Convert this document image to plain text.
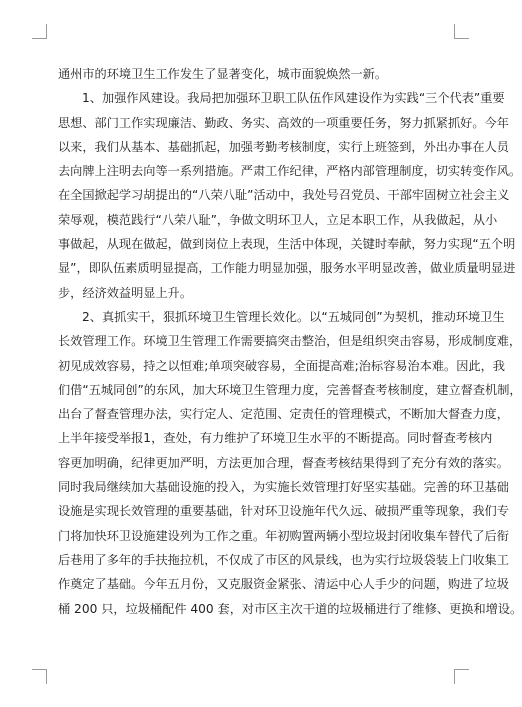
通州市的环境卫生工作发生了显著变化，城市面貌焕然一新。
1、加强作风建设。我局把加强环卫职工队伍作风建设作为实践“三个代表”重要
思想、部门工作实现廉洁、勤政、务实、高效的一项重要任务，努力抓紧抓好。今年
以来，我们从基本、基础抓起，加强考勤考核制度，实行上班签到，外出办事在人员
去向牌上注明去向等一系列措施。严肃工作纪律，严格内部管理制度，切实转变作风。
在全国掀起学习胡提出的“八荣八耻”活动中，我处号召党员、干部牢固树立社会主义
荣辱观，模范践行“八荣八耻”，争做文明环卫人，立足本职工作，从我做起，从小
事做起，从现在做起，做到岗位上表现，生活中体现，关键时奉献，努力实现“五个明
显”，即队伍素质明显提高，工作能力明显加强，服务水平明显改善，做业质量明显进
步，经济效益明显上升。
2、真抓实干，狠抓环境卫生管理长效化。以“五城同创”为契机，推动环境卫生
长效管理工作。环境卫生管理工作需要搞突击整治，但是组织突击容易，形成制度难，
初见成效容易，持之以恒难;单项突破容易，全面提高难;治标容易治本难。因此，我
们借“五城同创”的东风，加大环境卫生管理力度，完善督查考核制度，建立督查机制，
出台了督查管理办法，实行定人、定范围、定责任的管理模式，不断加大督查力度，
上半年接受举报1，查处，有力维护了环境卫生水平的不断提高。同时督查考核内
容更加明确，纪律更加严明，方法更加合理，督查考核结果得到了充分有效的落实。
同时我局继续加大基础设施的投入，为实施长效管理打好坚实基础。完善的环卫基础
设施是实现长效管理的重要基础，针对环卫设施年代久远、破损严重等现象，我们专
门将加快环卫设施建设列为工作之重。年初购置两辆小型垃圾封闭收集车替代了后衔
后巷用了多年的手扶拖拉机，不仅成了市区的风景线，也为实行垃圾袋装上门收集工
作奠定了基础。今年五月份，又克服资金紧张、清运中心人手少的问题，购进了垃圾
桶 200 只，垃圾桶配件 400 套，对市区主次干道的垃圾桶进行了维修、更换和增设。
